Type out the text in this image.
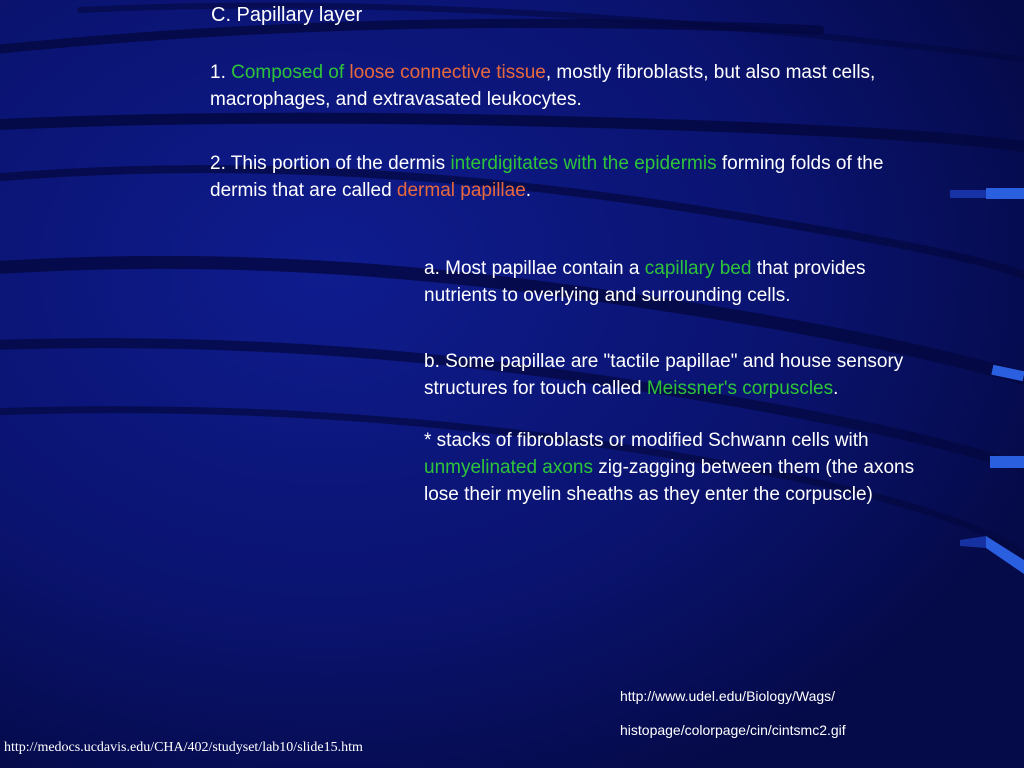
C. Papillary layer
1. Composed of loose connective tissue, mostly fibroblasts, but also mast cells,
macrophages, and extravasated leukocytes.
2. This portion of the dermis interdigitates with the epidermis forming folds of the
dermis that are called dermal papillae.
a. Most papillae contain a capillary bed that provides
nutrients to overlying and surrounding cells.
b. Some papillae are "tactile papillae" and house sensory
structures for touch called Meissner's corpuscles.
* stacks of fibroblasts or modified Schwann cells with
unmyelinated axons zig-zagging between them (the axons
lose their myelin sheaths as they enter the corpuscle)
http://www.udel.edu/Biology/Wags/
histopage/colorpage/cin/cintsmc2.gif
http://medocs.ucdavis.edu/CHA/402/studyset/lab10/slide15.htm
